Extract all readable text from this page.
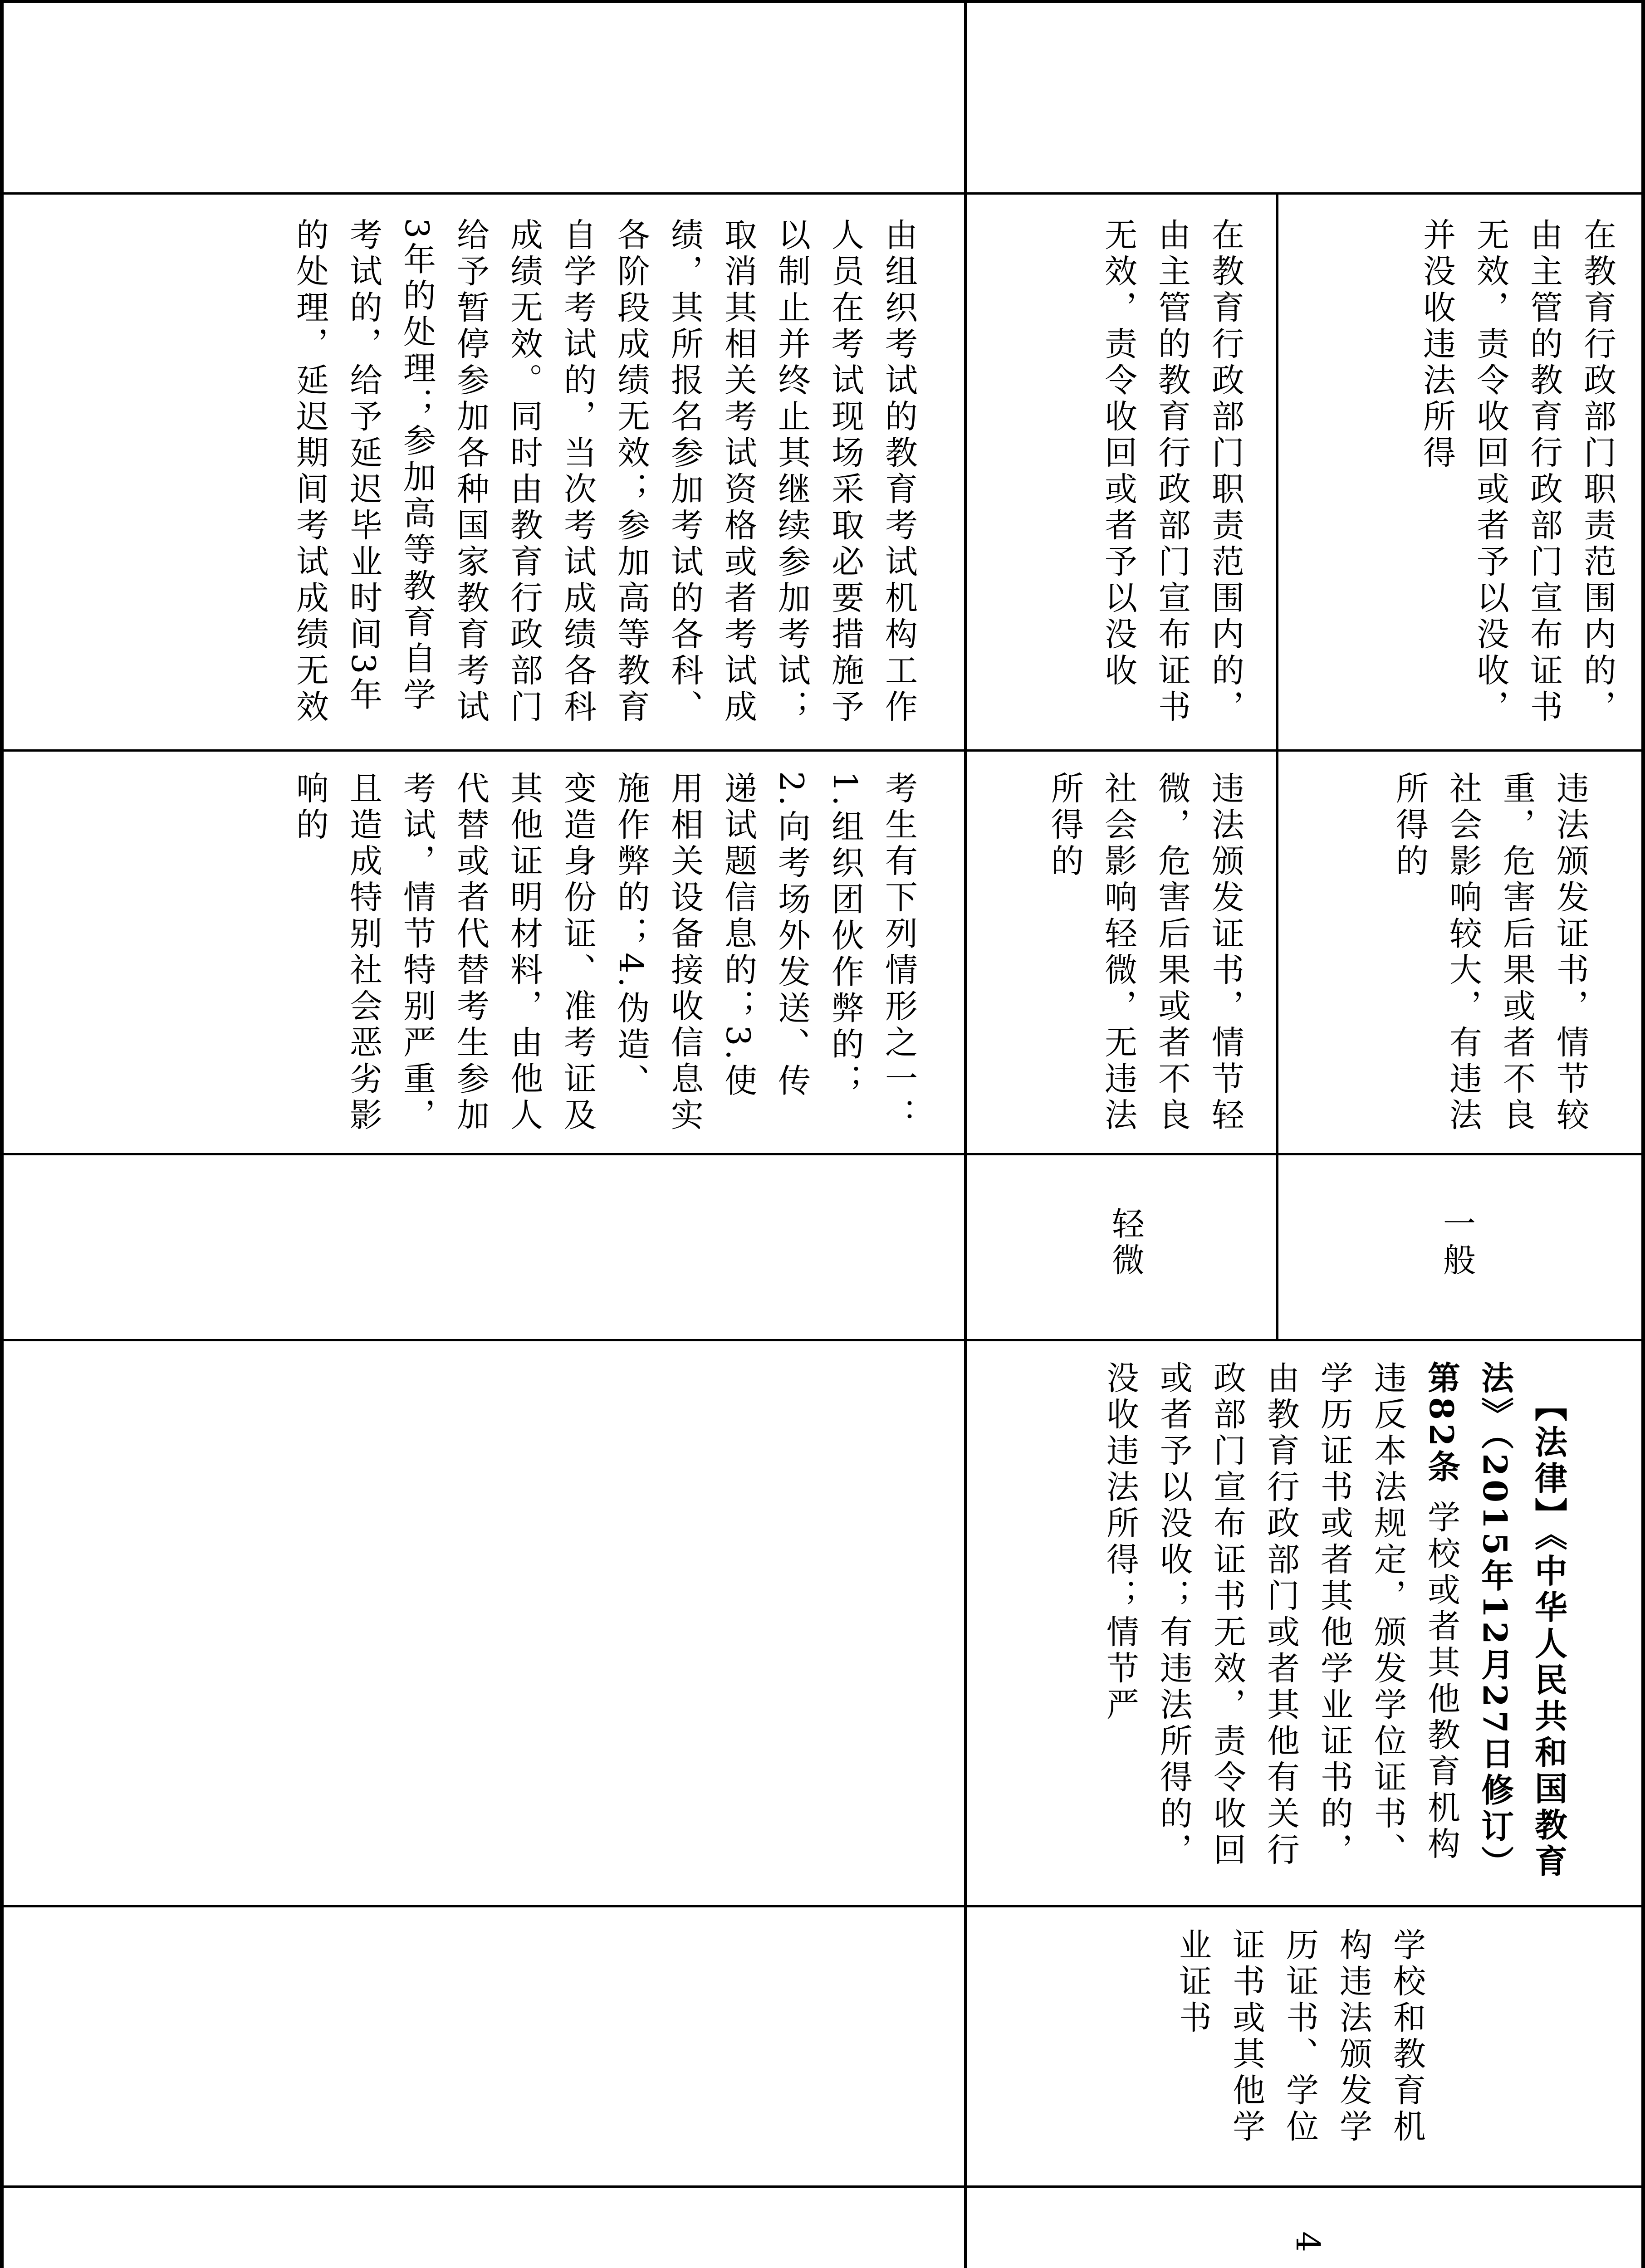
由组织考试的教育考试机构工作人员在考试现场采取必要措施予以制止并终止其继续参加考试；取消其相关考试资格或者考试成绩，其所报名参加考试的各科、各阶段成绩无效；参加高等教育自学考试的，当次考试成绩各科成绩无效。同时由教育行政部门给予暂停参加各种国家教育考试3年的处理；参加高等教育自学考试的，给予延迟毕业时间3年的处理，延迟期间考试成绩无效
考生有下列情形之一：1.组织团伙作弊的；2.向考场外发送、传递试题信息的；3.使用相关设备接收信息实施作弊的；4.伪造、变造身份证、准考证及其他证明材料，由他人代替或者代替考生参加考试，情节特别严重，且造成特别社会恶劣影响的
在教育行政部门职责范围内的，由主管的教育行政部门宣布证书无效，责令收回或者予以没收
违法颁发证书，情节轻微，危害后果或者不良社会影响轻微，无违法所得的
轻微
在教育行政部门职责范围内的，由主管的教育行政部门宣布证书无效，责令收回或者予以没收，并没收违法所得
违法颁发证书，情节较重，危害后果或者不良社会影响较大，有违法所得的
一般

【法律】《中华人民共和国教育法》（2015年12月27日修订）第82条 学校或者其他教育机构违反本法规定，颁发学位证书、学历证书或者其他学业证书的，由教育行政部门或者其他有关行政部门宣布证书无效，责令收回或者予以没收；有违法所得的，没收违法所得；情节严

学校和教育机构违法颁发学历证书、学位证书或其他学业证书
4
